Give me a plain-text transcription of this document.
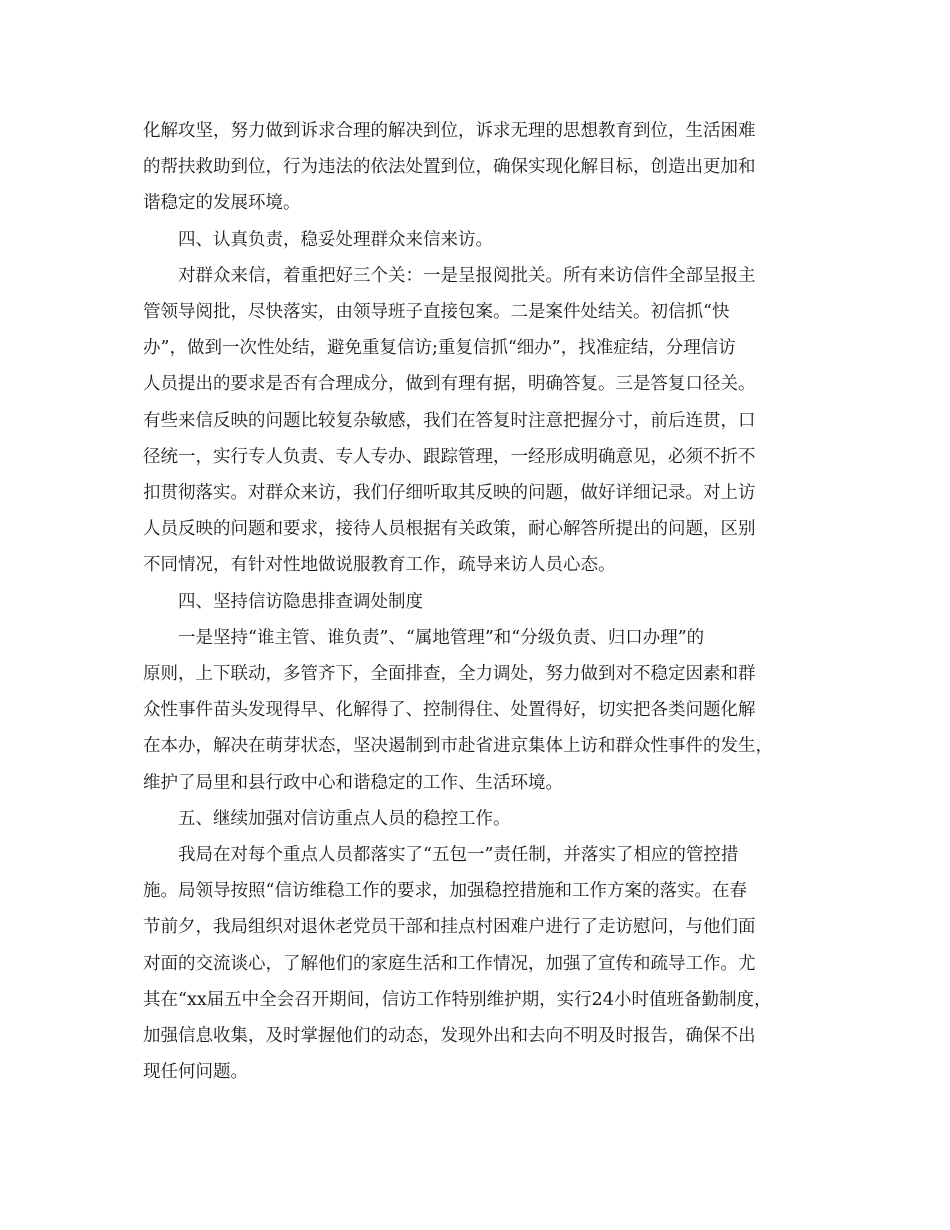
化解攻坚，努力做到诉求合理的解决到位，诉求无理的思想教育到位，生活困难
的帮扶救助到位，行为违法的依法处置到位，确保实现化解目标，创造出更加和
谐稳定的发展环境。
四、认真负责，稳妥处理群众来信来访。
对群众来信，着重把好三个关：一是呈报阅批关。所有来访信件全部呈报主
管领导阅批，尽快落实，由领导班子直接包案。二是案件处结关。初信抓“快
办”，做到一次性处结，避免重复信访;重复信抓“细办”，找准症结，分理信访
人员提出的要求是否有合理成分，做到有理有据，明确答复。三是答复口径关。
有些来信反映的问题比较复杂敏感，我们在答复时注意把握分寸，前后连贯，口
径统一，实行专人负责、专人专办、跟踪管理，一经形成明确意见，必须不折不
扣贯彻落实。对群众来访，我们仔细听取其反映的问题，做好详细记录。对上访
人员反映的问题和要求，接待人员根据有关政策，耐心解答所提出的问题，区别
不同情况，有针对性地做说服教育工作，疏导来访人员心态。
四、坚持信访隐患排查调处制度
一是坚持“谁主管、谁负责”、“属地管理”和“分级负责、归口办理”的
原则，上下联动，多管齐下，全面排查，全力调处，努力做到对不稳定因素和群
众性事件苗头发现得早、化解得了、控制得住、处置得好，切实把各类问题化解
在本办，解决在萌芽状态，坚决遏制到市赴省进京集体上访和群众性事件的发生，
维护了局里和县行政中心和谐稳定的工作、生活环境。
五、继续加强对信访重点人员的稳控工作。
我局在对每个重点人员都落实了“五包一”责任制，并落实了相应的管控措
施。局领导按照“信访维稳工作的要求，加强稳控措施和工作方案的落实。在春
节前夕，我局组织对退休老党员干部和挂点村困难户进行了走访慰问，与他们面
对面的交流谈心，了解他们的家庭生活和工作情况，加强了宣传和疏导工作。尤
其在“xx届五中全会召开期间，信访工作特别维护期，实行24小时值班备勤制度，
加强信息收集，及时掌握他们的动态，发现外出和去向不明及时报告，确保不出
现任何问题。
